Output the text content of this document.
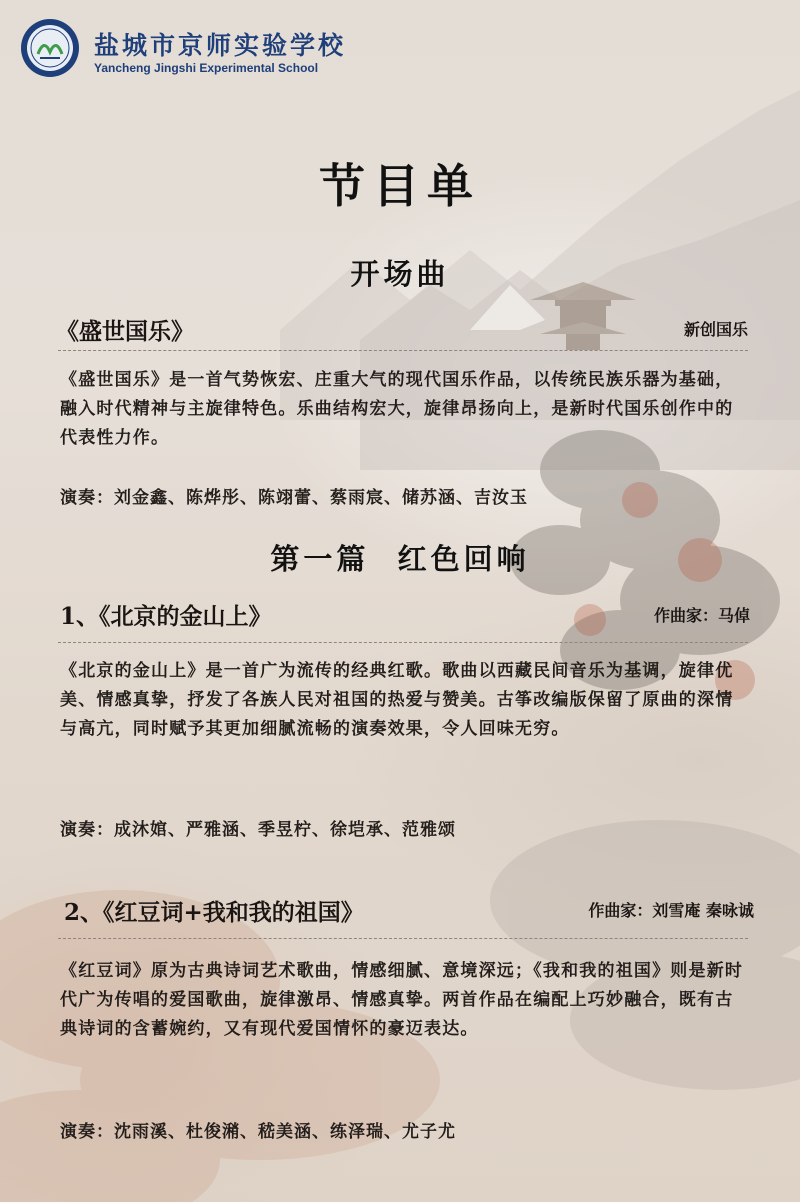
盐城市京师实验学校
Yancheng Jingshi Experimental School
节目单
开场曲
《盛世国乐》	新创国乐
《盛世国乐》是一首气势恢宏、庄重大气的现代国乐作品，以传统民族乐器为基础，融入时代精神与主旋律特色。乐曲结构宏大，旋律昂扬向上，是新时代国乐创作中的代表性力作。
演奏：刘金鑫、陈烨彤、陈翊蕾、蔡雨宸、储苏涵、吉汝玉
第一篇  红色回响
1、《北京的金山上》	作曲家：马倬
《北京的金山上》是一首广为流传的经典红歌。歌曲以西藏民间音乐为基调，旋律优美、情感真挚，抒发了各族人民对祖国的热爱与赞美。古筝改编版保留了原曲的深情与高亢，同时赋予其更加细腻流畅的演奏效果，令人回味无穷。
演奏：成沐婠、严雅涵、季昱柠、徐垲承、范雅颂
2、《红豆词+我和我的祖国》	作曲家：刘雪庵 秦咏诚
《红豆词》原为古典诗词艺术歌曲，情感细腻、意境深远；《我和我的祖国》则是新时代广为传唱的爱国歌曲，旋律激昂、情感真挚。两首作品在编配上巧妙融合，既有古典诗词的含蓄婉约，又有现代爱国情怀的豪迈表达。
演奏：沈雨溪、杜俊潲、嵇美涵、练泽瑞、尤子尤
